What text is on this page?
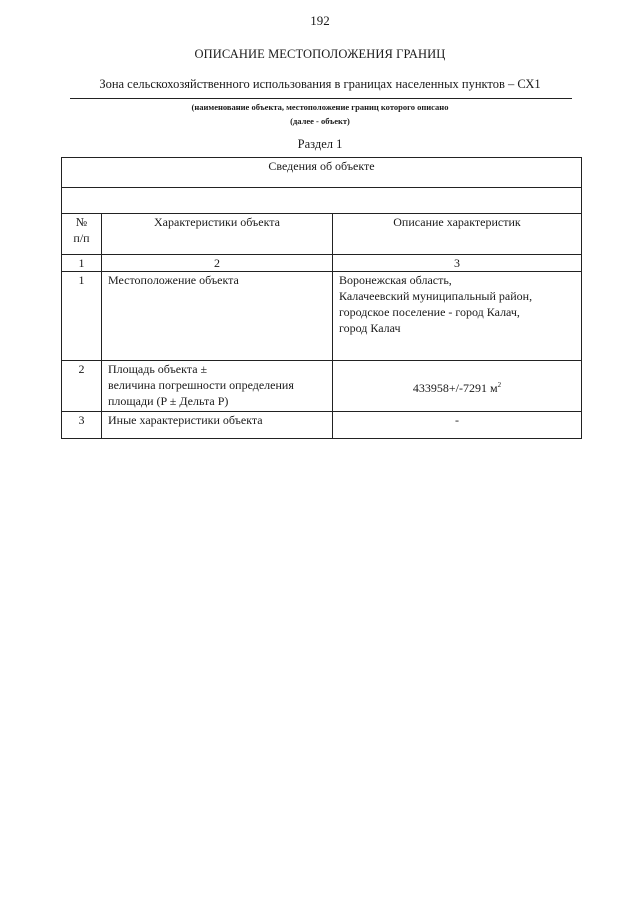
192
ОПИСАНИЕ МЕСТОПОЛОЖЕНИЯ ГРАНИЦ
Зона сельскохозяйственного использования в границах населенных пунктов – СХ1
(наименование объекта, местоположение границ которого описано
(далее - объект)
Раздел 1
Сведения об объекте		

№
п/п	Характеристики объекта	Описание характеристик
1	2	3
1	Местоположение объекта	Воронежская область,
Калачеевский муниципальный район,
городское поселение - город Калач,
город Калач
2	Площадь объекта ±
величина погрешности определения
площади (P ± Дельта P)	433958+/-7291 $м^2$
3	Иные характеристики объекта	-
